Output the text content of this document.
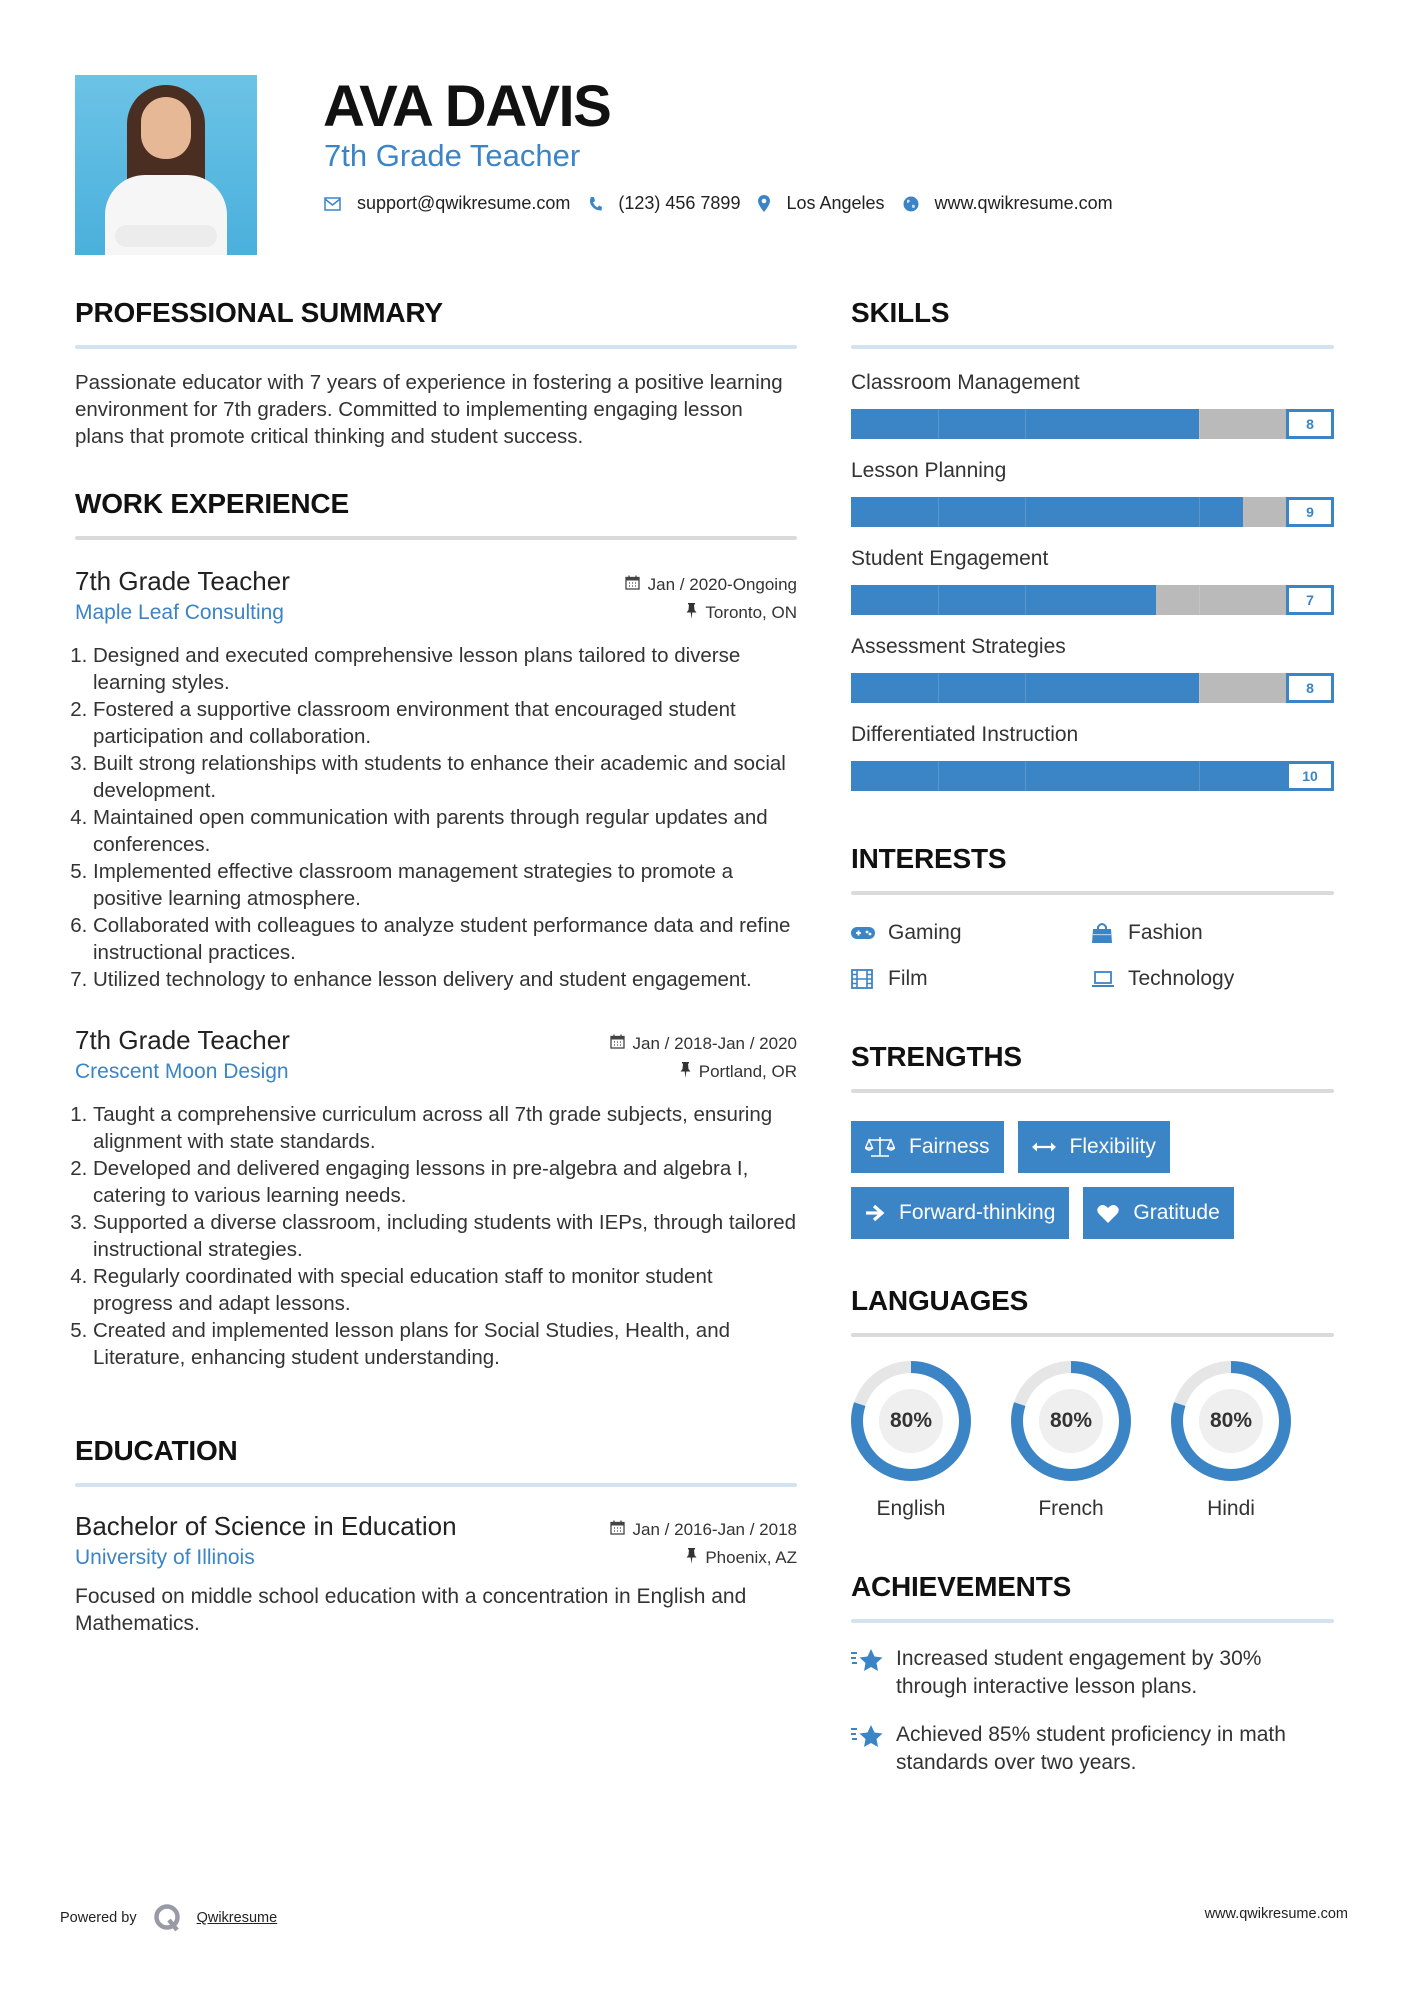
AVA DAVIS
7th Grade Teacher
support@qwikresume.com	(123) 456 7899	Los Angeles	www.qwikresume.com
PROFESSIONAL SUMMARY

Passionate educator with 7 years of experience in fostering a positive learning environment for 7th graders. Committed to implementing engaging lesson plans that promote critical thinking and student success.

WORK EXPERIENCE
7th Grade Teacher	Jan / 2020-Ongoing
Maple Leaf Consulting	Toronto, ON
1. Designed and executed comprehensive lesson plans tailored to diverse learning styles.
2. Fostered a supportive classroom environment that encouraged student participation and collaboration.
3. Built strong relationships with students to enhance their academic and social development.
4. Maintained open communication with parents through regular updates and conferences.
5. Implemented effective classroom management strategies to promote a positive learning atmosphere.
6. Collaborated with colleagues to analyze student performance data and refine instructional practices.
7. Utilized technology to enhance lesson delivery and student engagement.
7th Grade Teacher	Jan / 2018-Jan / 2020
Crescent Moon Design	Portland, OR
1. Taught a comprehensive curriculum across all 7th grade subjects, ensuring alignment with state standards.
2. Developed and delivered engaging lessons in pre-algebra and algebra I, catering to various learning needs.
3. Supported a diverse classroom, including students with IEPs, through tailored instructional strategies.
4. Regularly coordinated with special education staff to monitor student progress and adapt lessons.
5. Created and implemented lesson plans for Social Studies, Health, and Literature, enhancing student understanding.
EDUCATION
Bachelor of Science in Education	Jan / 2016-Jan / 2018
University of Illinois	Phoenix, AZ

Focused on middle school education with a concentration in English and Mathematics.

SKILLS
Classroom Management
8
Lesson Planning
9
Student Engagement
7
Assessment Strategies
8
Differentiated Instruction
10
INTERESTS
Gaming	Fashion
Film	Technology
STRENGTHS
Fairness	Flexibility
Forward-thinking	Gratitude
LANGUAGES
80%
English
80%
French
80%
Hindi
ACHIEVEMENTS
Increased student engagement by 30% through interactive lesson plans.
Achieved 85% student proficiency in math standards over two years.
Powered by	Qwikresume	www.qwikresume.com
